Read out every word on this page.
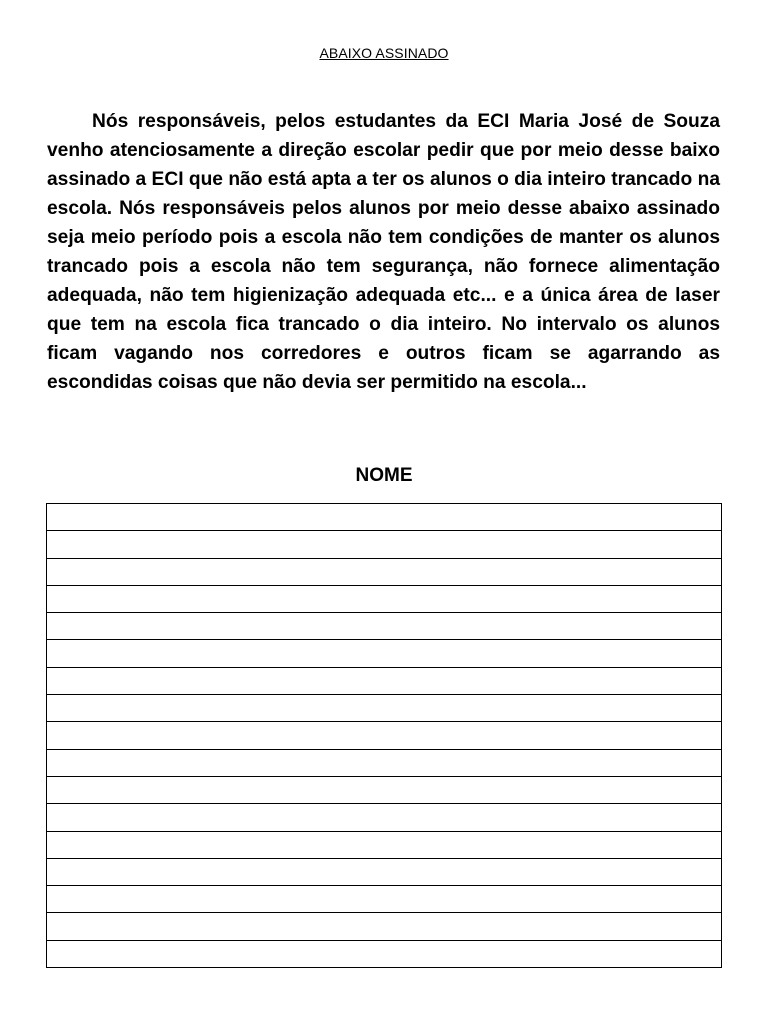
ABAIXO ASSINADO

Nós responsáveis, pelos estudantes da ECI Maria José de Souza venho atenciosamente a direção escolar pedir que por meio desse baixo assinado a ECI que não está apta a ter os alunos o dia inteiro trancado na escola. Nós responsáveis pelos alunos por meio desse abaixo assinado seja meio período pois a escola não tem condições de manter os alunos trancado pois a escola não tem segurança, não fornece alimentação adequada, não tem higienização adequada etc... e a única área de laser que tem na escola fica trancado o dia inteiro. No intervalo os alunos ficam vagando nos corredores e outros ficam se agarrando as escondidas coisas que não devia ser permitido na escola...

NOME
